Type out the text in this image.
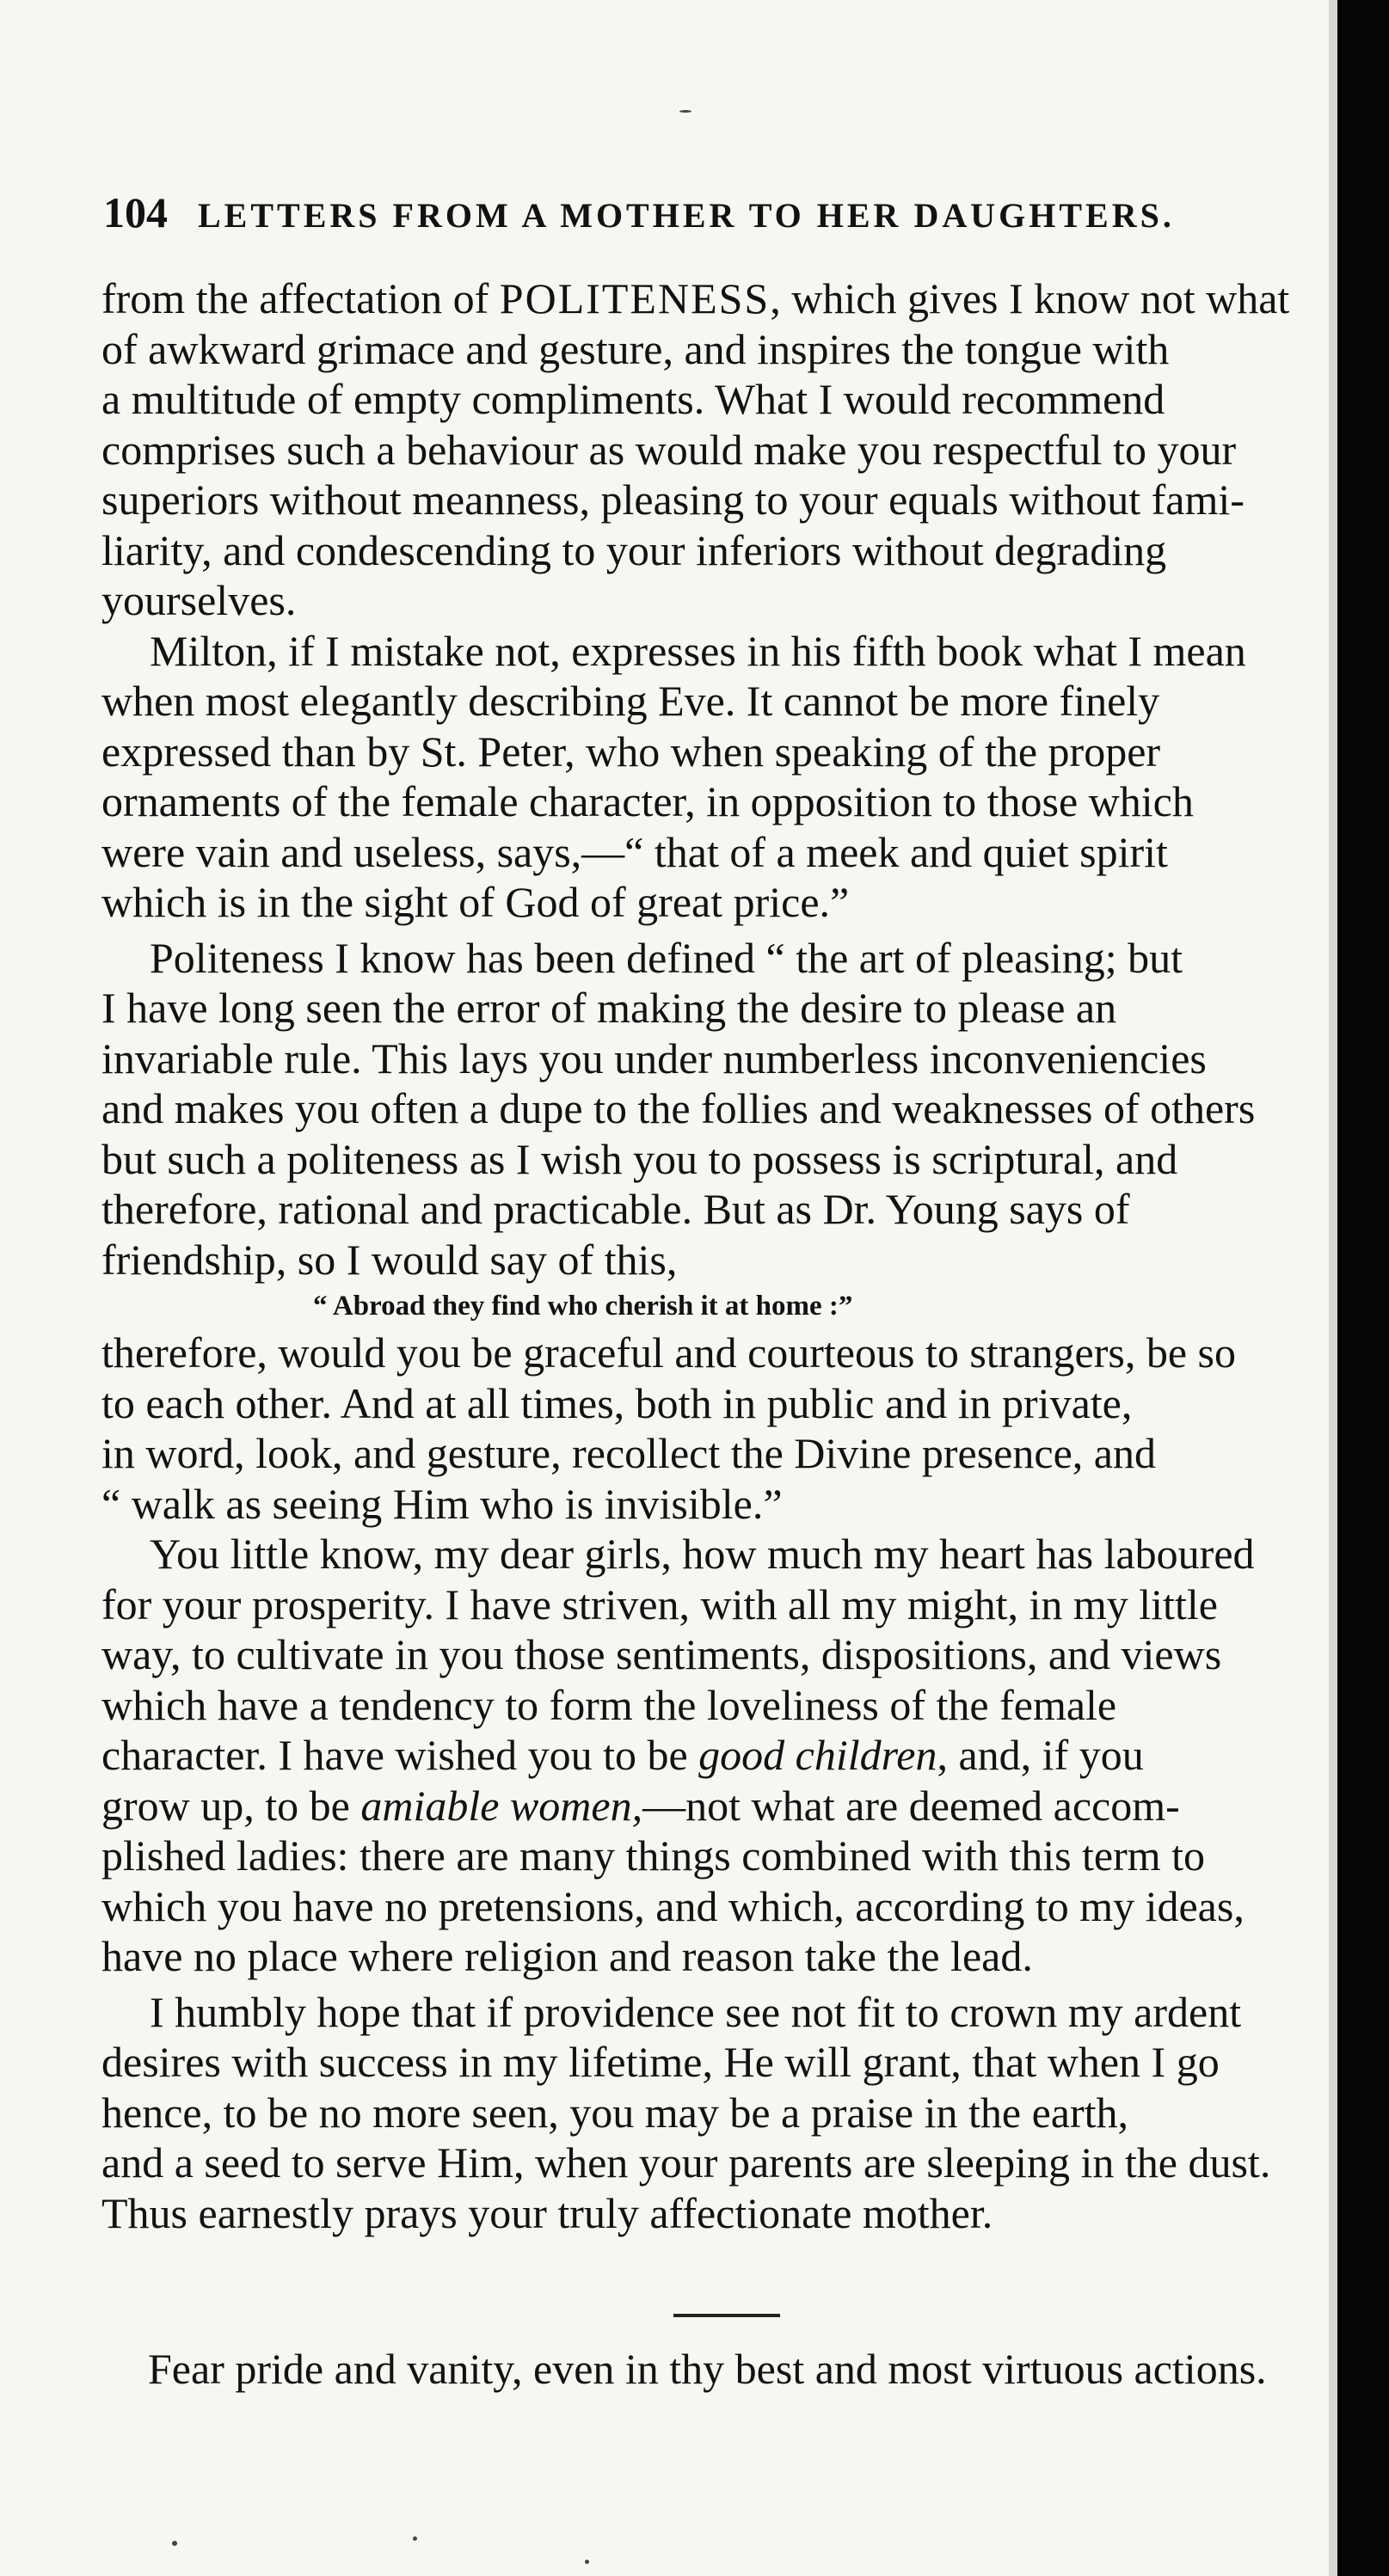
104 LETTERS FROM A MOTHER TO HER DAUGHTERS.
from the affectation of POLITENESS, which gives I know not what
of awkward grimace and gesture, and inspires the tongue with
a multitude of empty compliments. What I would recommend
comprises such a behaviour as would make you respectful to your
superiors without meanness, pleasing to your equals without fami-
liarity, and condescending to your inferiors without degrading
yourselves.
Milton, if I mistake not, expresses in his fifth book what I mean
when most elegantly describing Eve. It cannot be more finely
expressed than by St. Peter, who when speaking of the proper
ornaments of the female character, in opposition to those which
were vain and useless, says,—“ that of a meek and quiet spirit
which is in the sight of God of great price.”
Politeness I know has been defined “ the art of pleasing; but
I have long seen the error of making the desire to please an
invariable rule. This lays you under numberless inconveniencies
and makes you often a dupe to the follies and weaknesses of others
but such a politeness as I wish you to possess is scriptural, and
therefore, rational and practicable. But as Dr. Young says of
friendship, so I would say of this,
“ Abroad they find who cherish it at home :”
therefore, would you be graceful and courteous to strangers, be so
to each other. And at all times, both in public and in private,
in word, look, and gesture, recollect the Divine presence, and
“ walk as seeing Him who is invisible.”
You little know, my dear girls, how much my heart has laboured
for your prosperity. I have striven, with all my might, in my little
way, to cultivate in you those sentiments, dispositions, and views
which have a tendency to form the loveliness of the female
character. I have wished you to be good children, and, if you
grow up, to be amiable women,—not what are deemed accom-
plished ladies: there are many things combined with this term to
which you have no pretensions, and which, according to my ideas,
have no place where religion and reason take the lead.
I humbly hope that if providence see not fit to crown my ardent
desires with success in my lifetime, He will grant, that when I go
hence, to be no more seen, you may be a praise in the earth,
and a seed to serve Him, when your parents are sleeping in the dust.
Thus earnestly prays your truly affectionate mother.
Fear pride and vanity, even in thy best and most virtuous actions.
